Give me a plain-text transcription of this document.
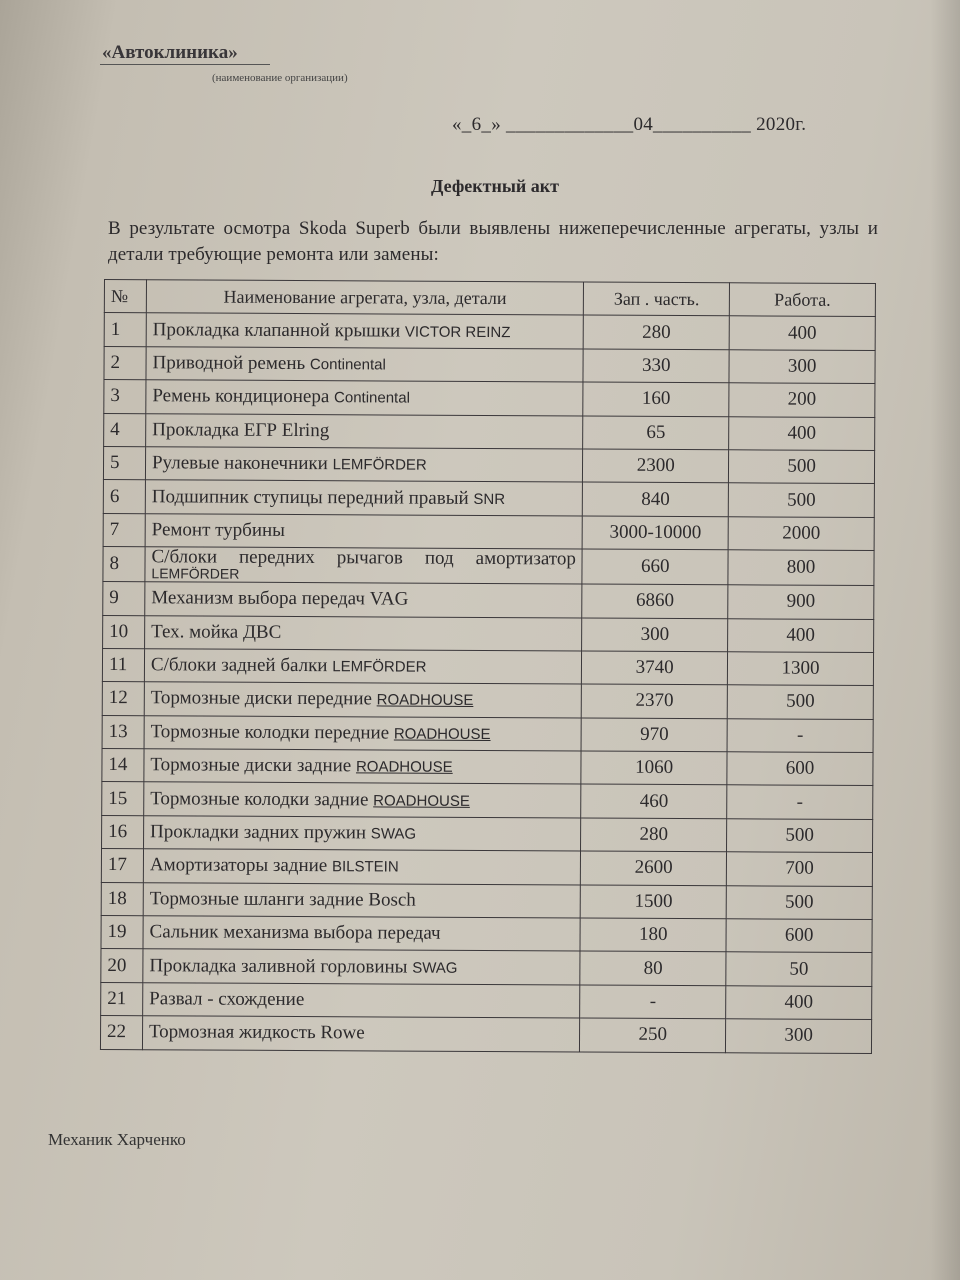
«Автоклиника»
(наименование организации)
«_6_» _____________04__________ 2020г.
Дефектный акт
В результате осмотра Skoda Superb были выявлены нижеперечисленные агрегаты, узлы и детали требующие ремонта или замены:
№	Наименование агрегата, узла, детали	Зап . часть.	Работа.
1	Прокладка клапанной крышки VICTOR REINZ	280	400
2	Приводной ремень Continental	330	300
3	Ремень кондиционера Continental	160	200
4	Прокладка ЕГР Elring	65	400
5	Рулевые наконечники LEMFÖRDER	2300	500
6	Подшипник ступицы передний правый SNR	840	500
7	Ремонт турбины	3000-10000	2000
8	С/блоки передних рычагов под амортизатор
LEMFÖRDER	660	800
9	Механизм выбора передач VAG	6860	900
10	Тех. мойка ДВС	300	400
11	С/блоки задней балки LEMFÖRDER	3740	1300
12	Тормозные диски передние ROADHOUSE	2370	500
13	Тормозные колодки передние ROADHOUSE	970	-
14	Тормозные диски задние ROADHOUSE	1060	600
15	Тормозные колодки задние ROADHOUSE	460	-
16	Прокладки задних пружин SWAG	280	500
17	Амортизаторы задние BILSTEIN	2600	700
18	Тормозные шланги задние Bosch	1500	500
19	Сальник механизма выбора передач	180	600
20	Прокладка заливной горловины SWAG	80	50
21	Развал - схождение	-	400
22	Тормозная жидкость Rowe	250	300
Механик Харченко
